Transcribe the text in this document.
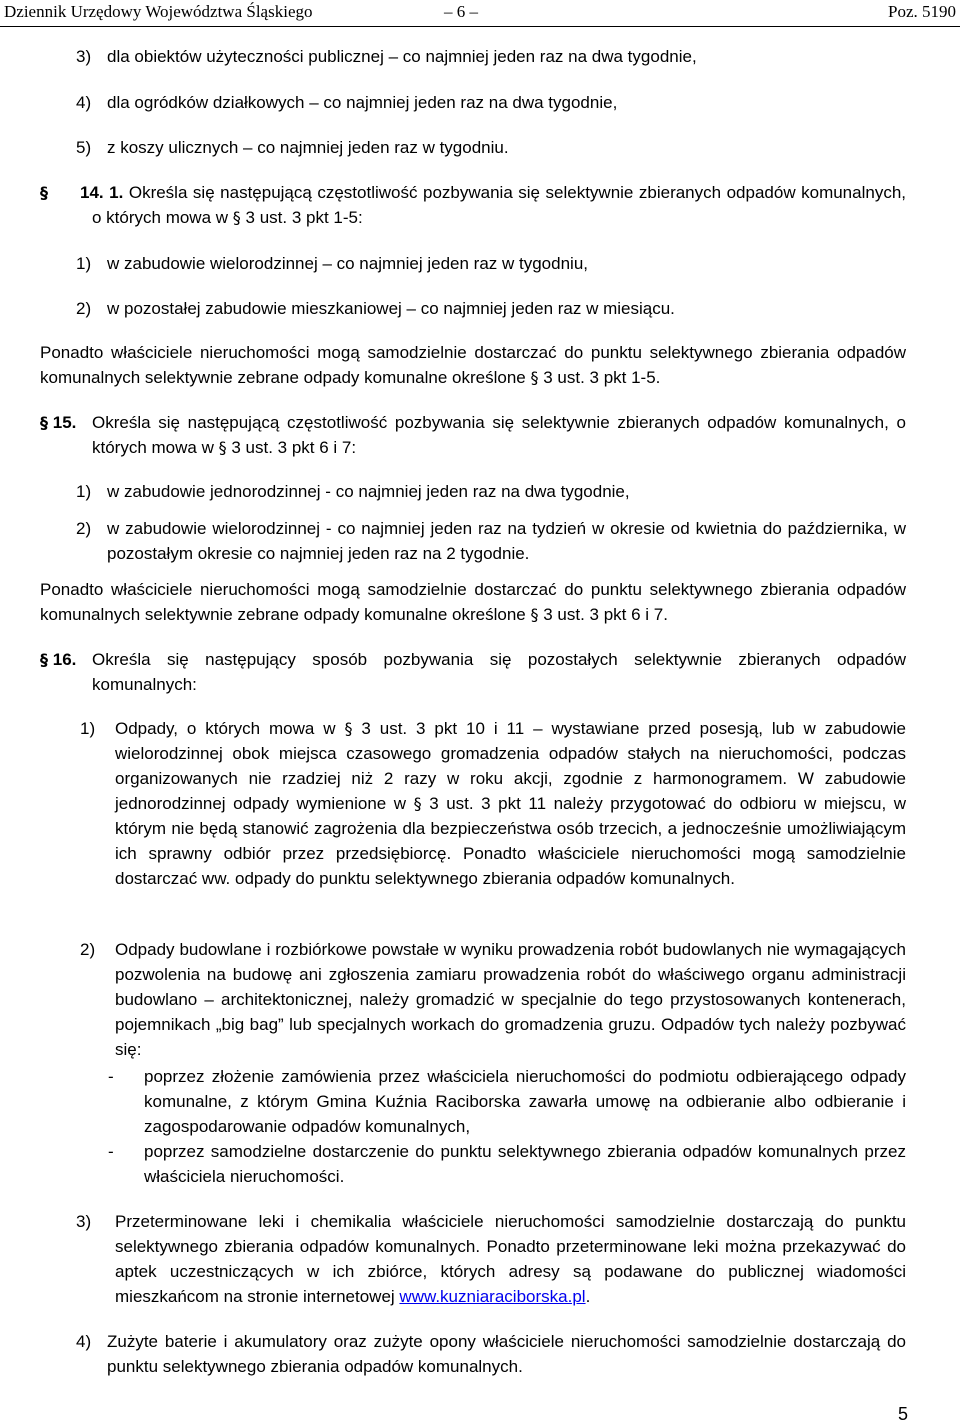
Dziennik Urzędowy Województwa Śląskiego	– 6 –	Poz. 5190
3) dla obiektów użyteczności publicznej – co najmniej jeden raz na dwa tygodnie,
4) dla ogródków działkowych – co najmniej jeden raz na dwa tygodnie,
5) z koszy ulicznych – co najmniej jeden raz w tygodniu.
§	14. 1. Określa się następującą częstotliwość pozbywania się selektywnie zbieranych odpadów komunalnych, o których mowa w § 3 ust. 3 pkt 1-5:
1) w zabudowie wielorodzinnej – co najmniej jeden raz w tygodniu,
2) w pozostałej zabudowie mieszkaniowej – co najmniej jeden raz w miesiącu.
Ponadto właściciele nieruchomości mogą samodzielnie dostarczać do punktu selektywnego zbierania odpadów komunalnych selektywnie zebrane odpady komunalne określone § 3 ust. 3 pkt 1-5.
§ 15. Określa się następującą częstotliwość pozbywania się selektywnie zbieranych odpadów komunalnych, o których mowa w § 3 ust. 3 pkt 6 i 7:
1) w zabudowie jednorodzinnej - co najmniej jeden raz na dwa tygodnie,
2) w zabudowie wielorodzinnej - co najmniej jeden raz na tydzień w okresie od kwietnia do października, w pozostałym okresie co najmniej jeden raz na 2 tygodnie.
Ponadto właściciele nieruchomości mogą samodzielnie dostarczać do punktu selektywnego zbierania odpadów komunalnych selektywnie zebrane odpady komunalne określone § 3 ust. 3 pkt 6 i 7.
§ 16. Określa się następujący sposób pozbywania się pozostałych selektywnie zbieranych odpadów komunalnych:
1) Odpady, o których mowa w § 3 ust. 3 pkt 10 i 11 – wystawiane przed posesją, lub w zabudowie wielorodzinnej obok miejsca czasowego gromadzenia odpadów stałych na nieruchomości, podczas organizowanych nie rzadziej niż 2 razy w roku akcji, zgodnie z harmonogramem. W zabudowie jednorodzinnej odpady wymienione w § 3 ust. 3 pkt 11 należy przygotować do odbioru w miejscu, w którym nie będą stanowić zagrożenia dla bezpieczeństwa osób trzecich, a jednocześnie umożliwiającym ich sprawny odbiór przez przedsiębiorcę. Ponadto właściciele nieruchomości mogą samodzielnie dostarczać ww. odpady do punktu selektywnego zbierania odpadów komunalnych.
2) Odpady budowlane i rozbiórkowe powstałe w wyniku prowadzenia robót budowlanych nie wymagających pozwolenia na budowę ani zgłoszenia zamiaru prowadzenia robót do właściwego organu administracji budowlano – architektonicznej, należy gromadzić w specjalnie do tego przystosowanych kontenerach, pojemnikach „big bag” lub specjalnych workach do gromadzenia gruzu. Odpadów tych należy pozbywać się:
- poprzez złożenie zamówienia przez właściciela nieruchomości do podmiotu odbierającego odpady komunalne, z którym Gmina Kuźnia Raciborska zawarła umowę na odbieranie albo odbieranie i zagospodarowanie odpadów komunalnych,
- poprzez samodzielne dostarczenie do punktu selektywnego zbierania odpadów komunalnych przez właściciela nieruchomości.
3) Przeterminowane leki i chemikalia właściciele nieruchomości samodzielnie dostarczają do punktu selektywnego zbierania odpadów komunalnych. Ponadto przeterminowane leki można przekazywać do aptek uczestniczących w ich zbiórce, których adresy są podawane do publicznej wiadomości mieszkańcom na stronie internetowej www.kuzniaraciborska.pl.
4) Zużyte baterie i akumulatory oraz zużyte opony właściciele nieruchomości samodzielnie dostarczają do punktu selektywnego zbierania odpadów komunalnych.
5
